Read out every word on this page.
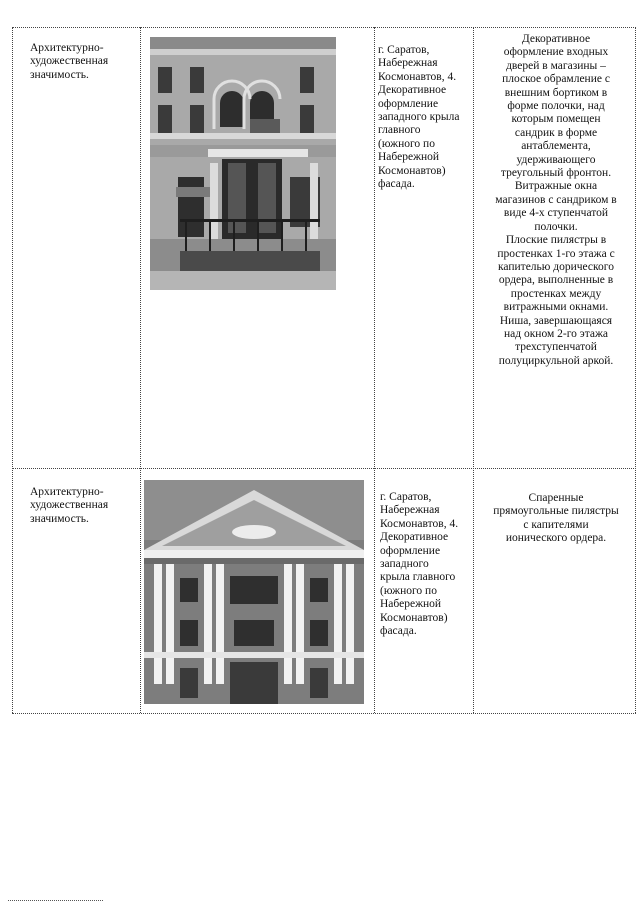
Архитектурно-
художественная
значимость.
г. Саратов,
Набережная
Космонавтов, 4.
Декоративное
оформление
западного крыла
главного
(южного по
Набережной
Космонавтов)
фасада.
Декоративное
оформление входных
дверей в магазины –
плоское обрамление с
внешним бортиком в
форме полочки, над
которым помещен
сандрик в форме
антаблемента,
удерживающего
треугольный фронтон.
Витражные окна
магазинов с сандриком в
виде 4-х ступенчатой
полочки.
Плоские пилястры в
простенках 1-го этажа с
капителью дорического
ордера, выполненные в
простенках между
витражными окнами.
Ниша, завершающаяся
над окном 2-го этажа
трехступенчатой
полуциркульной аркой.
Архитектурно-
художественная
значимость.
г. Саратов,
Набережная
Космонавтов, 4.
Декоративное
оформление
западного
крыла главного
(южного по
Набережной
Космонавтов)
фасада.
Спаренные
прямоугольные пилястры
с капителями
ионического ордера.
